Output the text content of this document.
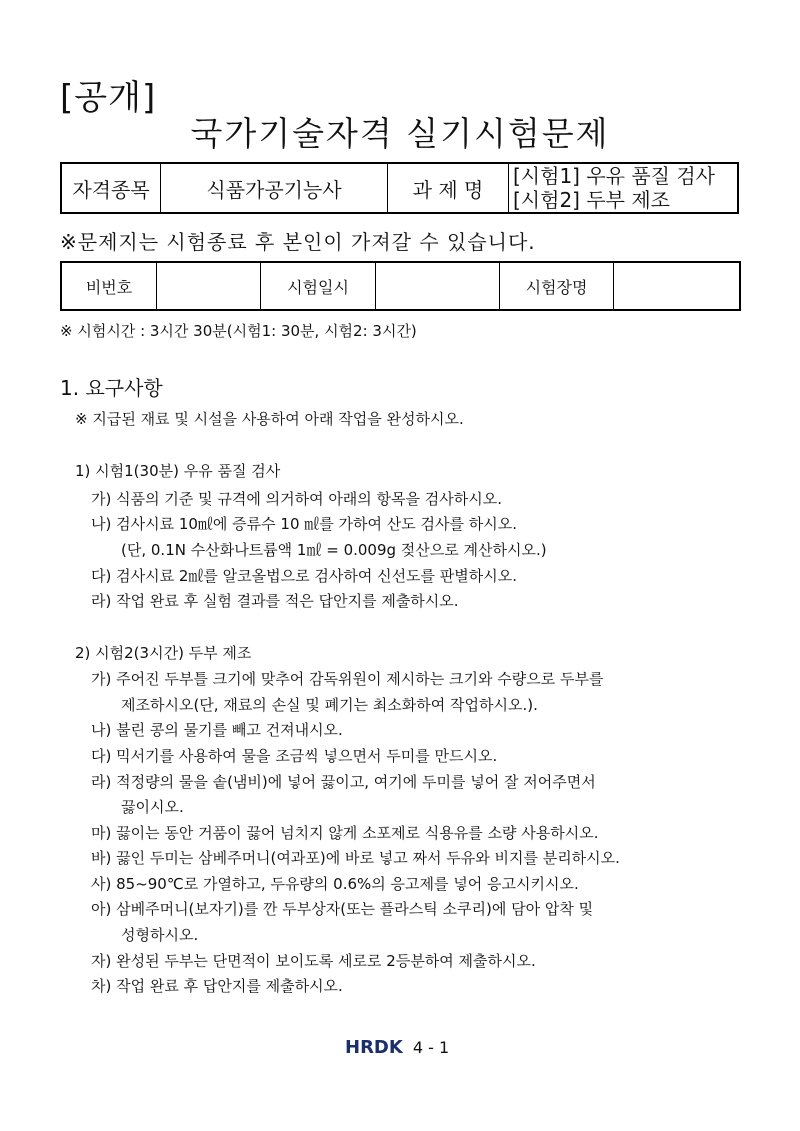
[공개]
국가기술자격 실기시험문제
자격종목	식품가공기능사	과 제 명	
[시험1] 우유 품질 검사
[시험2] 두부 제조
※문제지는 시험종료 후 본인이 가져갈 수 있습니다.
비번호		시험일시		시험장명	
※ 시험시간 : 3시간 30분(시험1: 30분, 시험2: 3시간)
1. 요구사항
※ 지급된 재료 및 시설을 사용하여 아래 작업을 완성하시오.
1) 시험1(30분) 우유 품질 검사
가) 식품의 기준 및 규격에 의거하여 아래의 항목을 검사하시오.
나) 검사시료 10㎖에 증류수 10 ㎖를 가하여 산도 검사를 하시오.
(단, 0.1N 수산화나트륨액 1㎖ = 0.009g 젖산으로 계산하시오.)
다) 검사시료 2㎖를 알코올법으로 검사하여 신선도를 판별하시오.
라) 작업 완료 후 실험 결과를 적은 답안지를 제출하시오.
2) 시험2(3시간) 두부 제조
가) 주어진 두부틀 크기에 맞추어 감독위원이 제시하는 크기와 수량으로 두부를
제조하시오(단, 재료의 손실 및 폐기는 최소화하여 작업하시오.).
나) 불린 콩의 물기를 빼고 건져내시오.
다) 믹서기를 사용하여 물을 조금씩 넣으면서 두미를 만드시오.
라) 적정량의 물을 솥(냄비)에 넣어 끓이고, 여기에 두미를 넣어 잘 저어주면서
끓이시오.
마) 끓이는 동안 거품이 끓어 넘치지 않게 소포제로 식용유를 소량 사용하시오.
바) 끓인 두미는 삼베주머니(여과포)에 바로 넣고 짜서 두유와 비지를 분리하시오.
사) 85~90℃로 가열하고, 두유량의 0.6%의 응고제를 넣어 응고시키시오.
아) 삼베주머니(보자기)를 깐 두부상자(또는 플라스틱 소쿠리)에 담아 압착 및
성형하시오.
자) 완성된 두부는 단면적이 보이도록 세로로 2등분하여 제출하시오.
차) 작업 완료 후 답안지를 제출하시오.
HRDK 4 - 1
